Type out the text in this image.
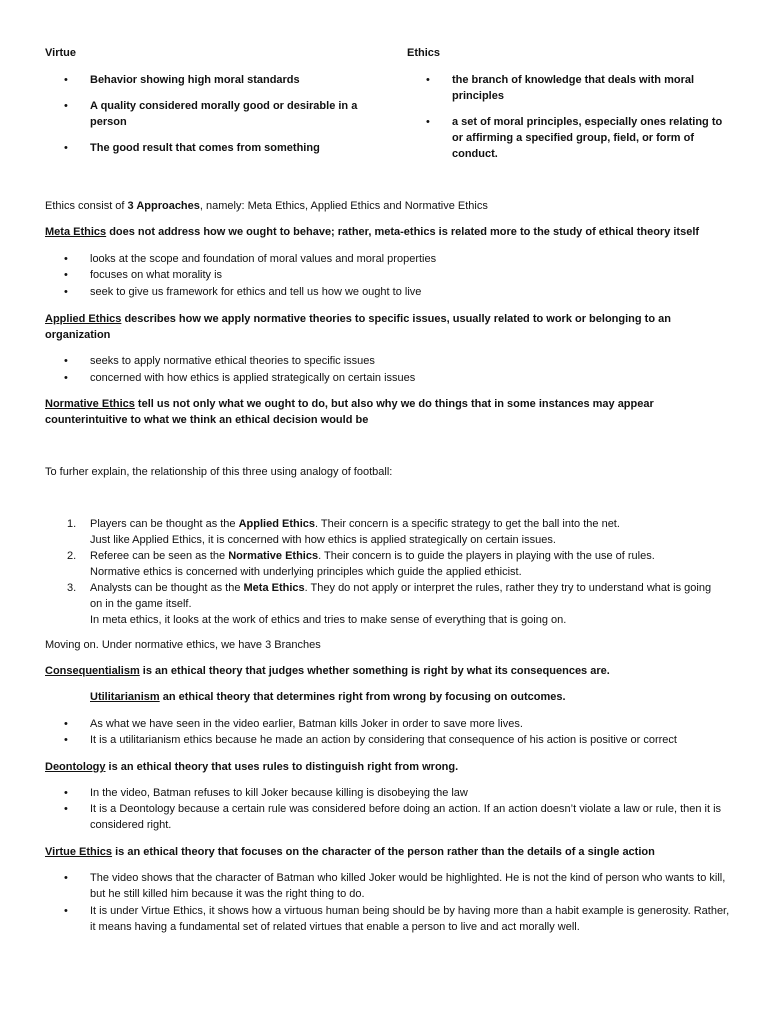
Virtue	Ethics
•	Behavior showing high moral standards
•	A quality considered morally good or desirable in a person
•	The good result that comes from something
•	the branch of knowledge that deals with moral principles
•	a set of moral principles, especially ones relating to or affirming a specified group, field, or form of conduct.
Ethics consist of 3 Approaches, namely: Meta Ethics, Applied Ethics and Normative Ethics
Meta Ethics does not address how we ought to behave; rather, meta-ethics is related more to the study of ethical theory itself
•	looks at the scope and foundation of moral values and moral properties
•	focuses on what morality is
•	seek to give us framework for ethics and tell us how we ought to live
Applied Ethics describes how we apply normative theories to specific issues, usually related to work or belonging to an organization
•	seeks to apply normative ethical theories to specific issues
•	concerned with how ethics is applied strategically on certain issues
Normative Ethics tell us not only what we ought to do, but also why we do things that in some instances may appear counterintuitive to what we think an ethical decision would be
To furher explain, the relationship of this three using analogy of football:
1. Players can be thought as the Applied Ethics. Their concern is a specific strategy to get the ball into the net.
Just like Applied Ethics, it is concerned with how ethics is applied strategically on certain issues.
2. Referee can be seen as the Normative Ethics. Their concern is to guide the players in playing with the use of rules.
Normative ethics is concerned with underlying principles which guide the applied ethicist.
3. Analysts can be thought as the Meta Ethics. They do not apply or interpret the rules, rather they try to understand what is going on in the game itself.
In meta ethics, it looks at the work of ethics and tries to make sense of everything that is going on.
Moving on. Under normative ethics, we have 3 Branches
Consequentialism is an ethical theory that judges whether something is right by what its consequences are.
Utilitarianism an ethical theory that determines right from wrong by focusing on outcomes.
•	As what we have seen in the video earlier, Batman kills Joker in order to save more lives.
•	It is a utilitarianism ethics because he made an action by considering that consequence of his action is positive or correct
Deontology is an ethical theory that uses rules to distinguish right from wrong.
•	In the video, Batman refuses to kill Joker because killing is disobeying the law
•	It is a Deontology because a certain rule was considered before doing an action. If an action doesn’t violate a law or rule, then it is considered right.
Virtue Ethics is an ethical theory that focuses on the character of the person rather than the details of a single action
•	The video shows that the character of Batman who killed Joker would be highlighted. He is not the kind of person who wants to kill, but he still killed him because it was the right thing to do.
•	It is under Virtue Ethics, it shows how a virtuous human being should be by having more than a habit example is generosity. Rather, it means having a fundamental set of related virtues that enable a person to live and act morally well.
